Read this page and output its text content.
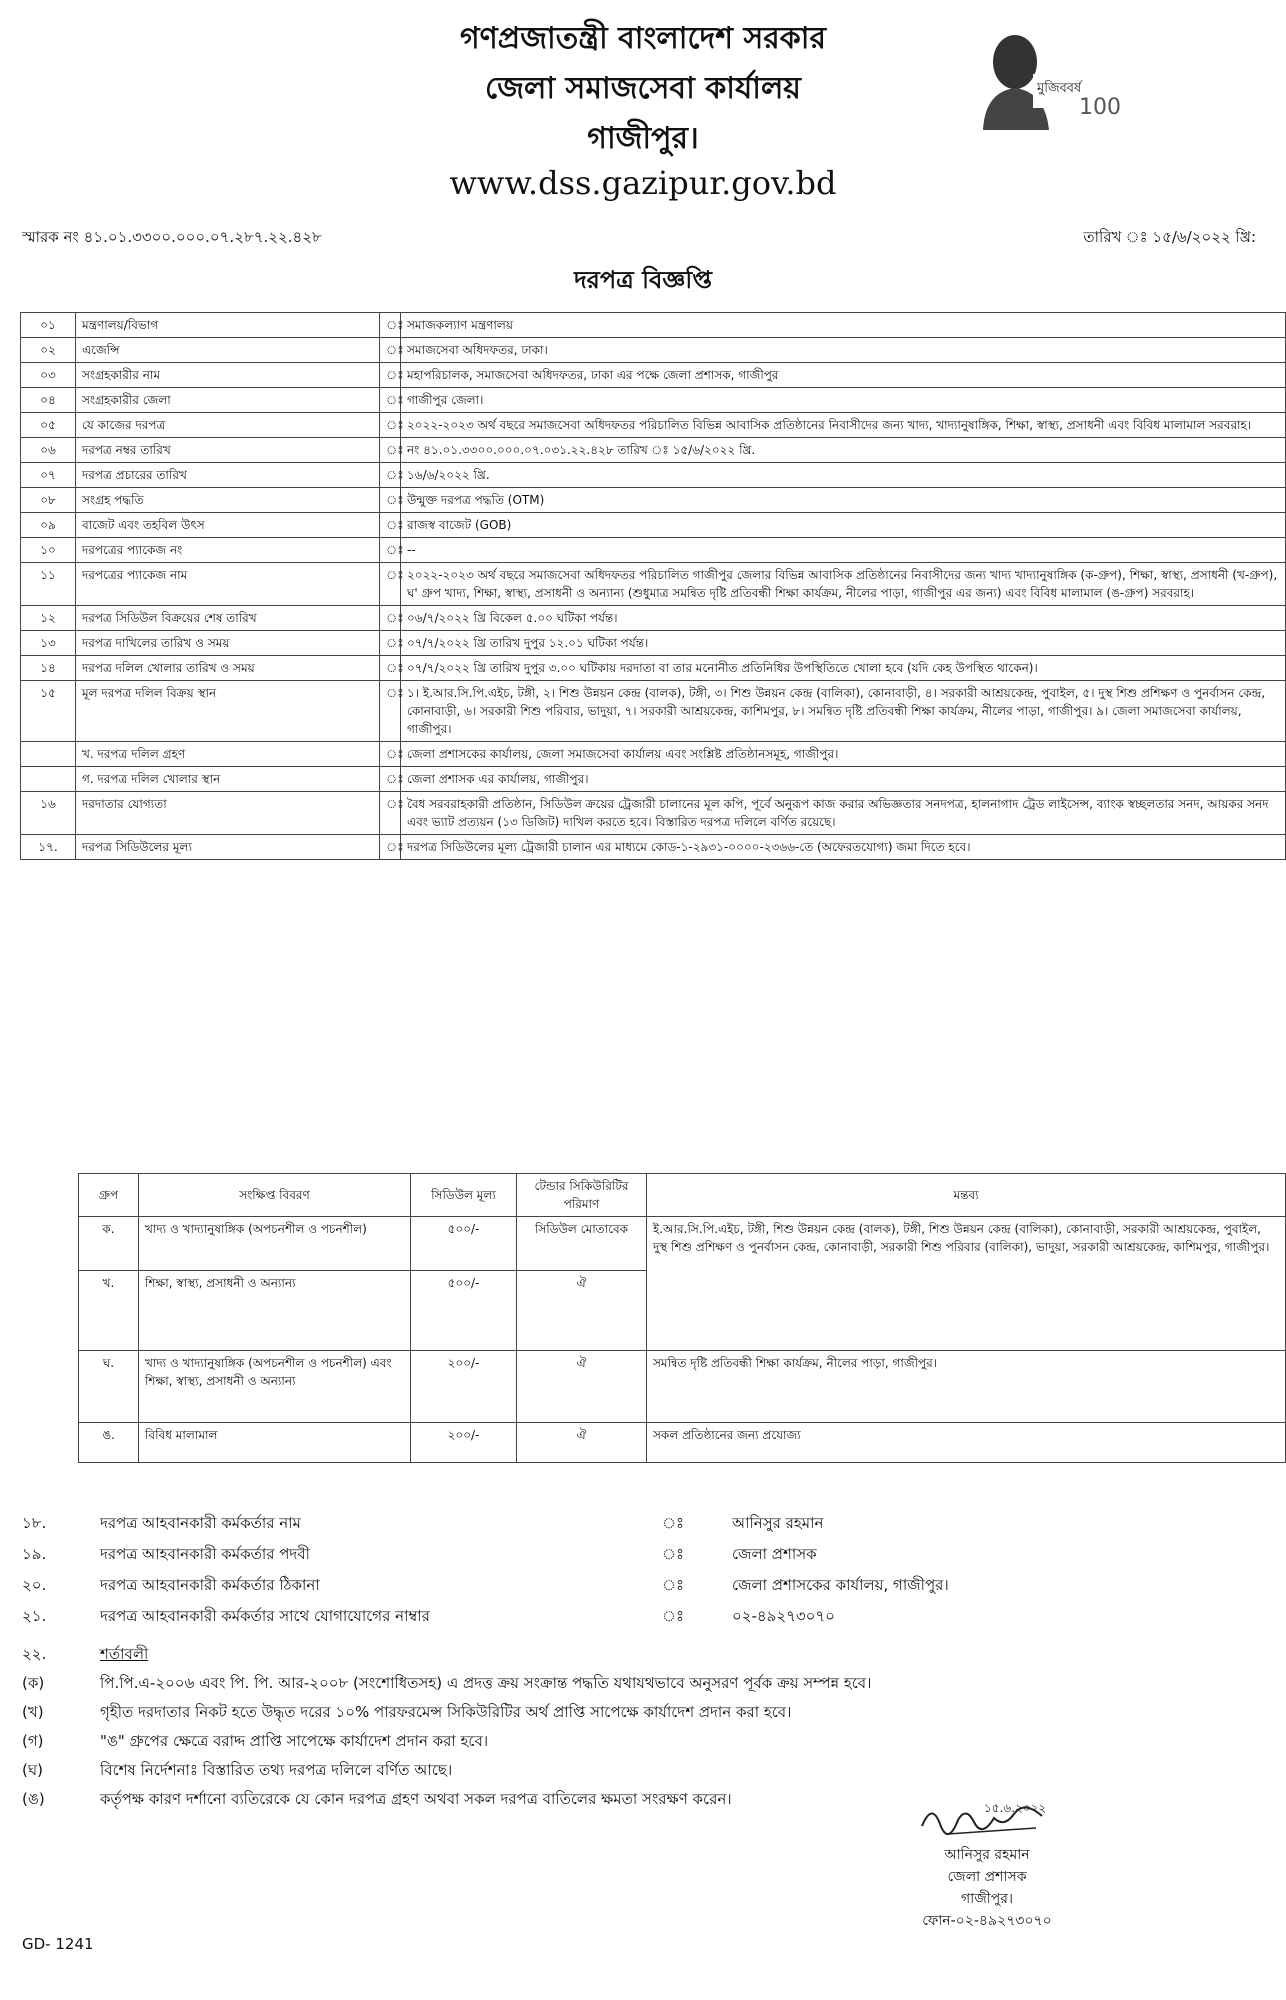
গণপ্রজাতন্ত্রী বাংলাদেশ সরকার
জেলা সমাজসেবা কার্যালয়
গাজীপুর।
www.dss.gazipur.gov.bd
মুজিববর্ষ
100
স্মারক নং ৪১.০১.৩৩০০.০০০.০৭.২৮৭.২২.৪২৮	তারিখ ঃ ১৫/৬/২০২২ খ্রি:
দরপত্র বিজ্ঞপ্তি
০১	মন্ত্রণালয়/বিভাগ	ঃ	সমাজকল্যাণ মন্ত্রণালয়
০২	এজেন্সি	ঃ	সমাজসেবা অধিদফতর, ঢাকা।
০৩	সংগ্রহকারীর নাম	ঃ	মহাপরিচালক, সমাজসেবা অধিদফতর, ঢাকা এর পক্ষে জেলা প্রশাসক, গাজীপুর
০৪	সংগ্রহকারীর জেলা	ঃ	গাজীপুর জেলা।
০৫	যে কাজের দরপত্র	ঃ	২০২২-২০২৩ অর্থ বছরে সমাজসেবা অধিদফতর পরিচালিত বিভিন্ন আবাসিক প্রতিষ্ঠানের নিবাসীদের জন্য খাদ্য, খাদ্যানুষাঙ্গিক, শিক্ষা, স্বাস্থ্য, প্রসাধনী এবং বিবিধ মালামাল সরবরাহ।
০৬	দরপত্র নম্বর তারিখ	ঃ	নং ৪১.০১.৩৩০০.০০০.০৭.০৩১.২২.৪২৮ তারিখ ঃ ১৫/৬/২০২২ খ্রি.
০৭	দরপত্র প্রচারের তারিখ	ঃ	১৬/৬/২০২২ খ্রি.
০৮	সংগ্রহ পদ্ধতি	ঃ	উন্মুক্ত দরপত্র পদ্ধতি (OTM)
০৯	বাজেট এবং তহবিল উৎস	ঃ	রাজস্ব বাজেট (GOB)
১০	দরপত্রের প্যাকেজ নং	ঃ	--
১১	দরপত্রের প্যাকেজ নাম	ঃ	২০২২-২০২৩ অর্থ বছরে সমাজসেবা অধিদফতর পরিচালিত গাজীপুর জেলার বিভিন্ন আবাসিক প্রতিষ্ঠানের নিবাসীদের জন্য খাদ্য খাদ্যানুষাঙ্গিক (ক-গ্রুপ), শিক্ষা, স্বাস্থ্য, প্রসাধনী (খ-গ্রুপ), ঘ' গ্রুপ খাদ্য, শিক্ষা, স্বাস্থ্য, প্রসাধনী ও অন্যান্য (শুধুমাত্র সমন্বিত দৃষ্টি প্রতিবন্ধী শিক্ষা কার্যক্রম, নীলের পাড়া, গাজীপুর এর জন্য) এবং বিবিধ মালামাল (ঙ-গ্রুপ) সরবরাহ।
১২	দরপত্র সিডিউল বিক্রয়ের শেষ তারিখ	ঃ	০৬/৭/২০২২ খ্রি বিকেল ৫.০০ ঘটিকা পর্যন্ত।
১৩	দরপত্র দাখিলের তারিখ ও সময়	ঃ	০৭/৭/২০২২ খ্রি তারিখ দুপুর ১২.০১ ঘটিকা পর্যন্ত।
১৪	দরপত্র দলিল খোলার তারিখ ও সময়	ঃ	০৭/৭/২০২২ খ্রি তারিখ দুপুর ৩.০০ ঘটিকায় দরদাতা বা তার মনোনীত প্রতিনিধির উপস্থিতিতে খোলা হবে (যদি কেহ উপস্থিত থাকেন)।
১৫	মূল দরপত্র দলিল বিক্রয় স্থান	ঃ	১। ই.আর.সি.পি.এইচ, টঙ্গী, ২। শিশু উন্নয়ন কেন্দ্র (বালক), টঙ্গী, ৩। শিশু উন্নয়ন কেন্দ্র (বালিকা), কোনাবাড়ী, ৪। সরকারী আশ্রয়কেন্দ্র, পুবাইল, ৫। দুস্থ শিশু প্রশিক্ষণ ও পুনর্বাসন কেন্দ্র, কোনাবাড়ী, ৬। সরকারী শিশু পরিবার, ভাদুয়া, ৭। সরকারী আশ্রয়কেন্দ্র, কাশিমপুর, ৮। সমন্বিত দৃষ্টি প্রতিবন্ধী শিক্ষা কার্যক্রম, নীলের পাড়া, গাজীপুর। ৯। জেলা সমাজসেবা কার্যালয়, গাজীপুর।
	খ. দরপত্র দলিল গ্রহণ	ঃ	জেলা প্রশাসকের কার্যালয়, জেলা সমাজসেবা কার্যালয় এবং সংশ্লিষ্ট প্রতিষ্ঠানসমূহ, গাজীপুর।
	গ. দরপত্র দলিল খোলার স্থান	ঃ	জেলা প্রশাসক এর কার্যালয়, গাজীপুর।
১৬	দরদাতার যোগ্যতা	ঃ	বৈধ সরবরাহকারী প্রতিষ্ঠান, সিডিউল ক্রয়ের ট্রেজারী চালানের মূল কপি, পূর্বে অনুরূপ কাজ করার অভিজ্ঞতার সনদপত্র, হালনাগাদ ট্রেড লাইসেন্স, ব্যাংক স্বচ্ছলতার সনদ, আয়কর সনদ এবং ভ্যাট প্রত্যয়ন (১৩ ডিজিট) দাখিল করতে হবে। বিস্তারিত দরপত্র দলিলে বর্ণিত রয়েছে।
১৭.	দরপত্র সিডিউলের মূল্য	ঃ	দরপত্র সিডিউলের মূল্য ট্রেজারী চালান এর মাধ্যমে কোড-১-২৯৩১-০০০০-২৩৬৬-তে (অফেরতযোগ্য) জমা দিতে হবে।
গ্রুপ	সংক্ষিপ্ত বিবরণ	সিডিউল মূল্য	টেন্ডার সিকিউরিটির পরিমাণ	মন্তব্য
ক.	খাদ্য ও খাদ্যানুষাঙ্গিক (অপচনশীল ও পচনশীল)	৫০০/-	সিডিউল মোতাবেক	ই.আর.সি.পি.এইচ, টঙ্গী, শিশু উন্নয়ন কেন্দ্র (বালক), টঙ্গী, শিশু উন্নয়ন কেন্দ্র (বালিকা), কোনাবাড়ী, সরকারী আশ্রয়কেন্দ্র, পুবাইল, দুস্থ শিশু প্রশিক্ষণ ও পুনর্বাসন কেন্দ্র, কোনাবাড়ী, সরকারী শিশু পরিবার (বালিকা), ভাদুয়া, সরকারী আশ্রয়কেন্দ্র, কাশিমপুর, গাজীপুর।
খ.	শিক্ষা, স্বাস্থ্য, প্রসাধনী ও অন্যান্য	৫০০/-	ঐ	
ঘ.	খাদ্য ও খাদ্যানুষাঙ্গিক (অপচনশীল ও পচনশীল) এবং শিক্ষা, স্বাস্থ্য, প্রসাধনী ও অন্যান্য	২০০/-	ঐ	সমন্বিত দৃষ্টি প্রতিবন্ধী শিক্ষা কার্যক্রম, নীলের পাড়া, গাজীপুর।
ঙ.	বিবিধ মালামাল	২০০/-	ঐ	সকল প্রতিষ্ঠানের জন্য প্রযোজ্য
১৮.	দরপত্র আহবানকারী কর্মকর্তার নাম	ঃ	আনিসুর রহমান
১৯.	দরপত্র আহবানকারী কর্মকর্তার পদবী	ঃ	জেলা প্রশাসক
২০.	দরপত্র আহবানকারী কর্মকর্তার ঠিকানা	ঃ	জেলা প্রশাসকের কার্যালয়, গাজীপুর।
২১.	দরপত্র আহবানকারী কর্মকর্তার সাথে যোগাযোগের নাম্বার	ঃ	০২-৪৯২৭৩০৭০
২২.	শর্তাবলী
(ক)	পি.পি.এ-২০০৬ এবং পি. পি. আর-২০০৮ (সংশোধিতসহ) এ প্রদত্ত ক্রয় সংক্রান্ত পদ্ধতি যথাযথভাবে অনুসরণ পূর্বক ক্রয় সম্পন্ন হবে।
(খ)	গৃহীত দরদাতার নিকট হতে উদ্ধৃত দরের ১০% পারফরমেন্স সিকিউরিটির অর্থ প্রাপ্তি সাপেক্ষে কার্যাদেশ প্রদান করা হবে।
(গ)	"ঙ" গ্রুপের ক্ষেত্রে বরাদ্দ প্রাপ্তি সাপেক্ষে কার্যাদেশ প্রদান করা হবে।
(ঘ)	বিশেষ নির্দেশনাঃ বিস্তারিত তথ্য দরপত্র দলিলে বর্ণিত আছে।
(ঙ)	কর্তৃপক্ষ কারণ দর্শানো ব্যতিরেকে যে কোন দরপত্র গ্রহণ অথবা সকল দরপত্র বাতিলের ক্ষমতা সংরক্ষণ করেন।	১৫.৬.২০২২
আনিসুর রহমান
জেলা প্রশাসক
গাজীপুর।
ফোন-০২-৪৯২৭৩০৭০
GD- 1241
